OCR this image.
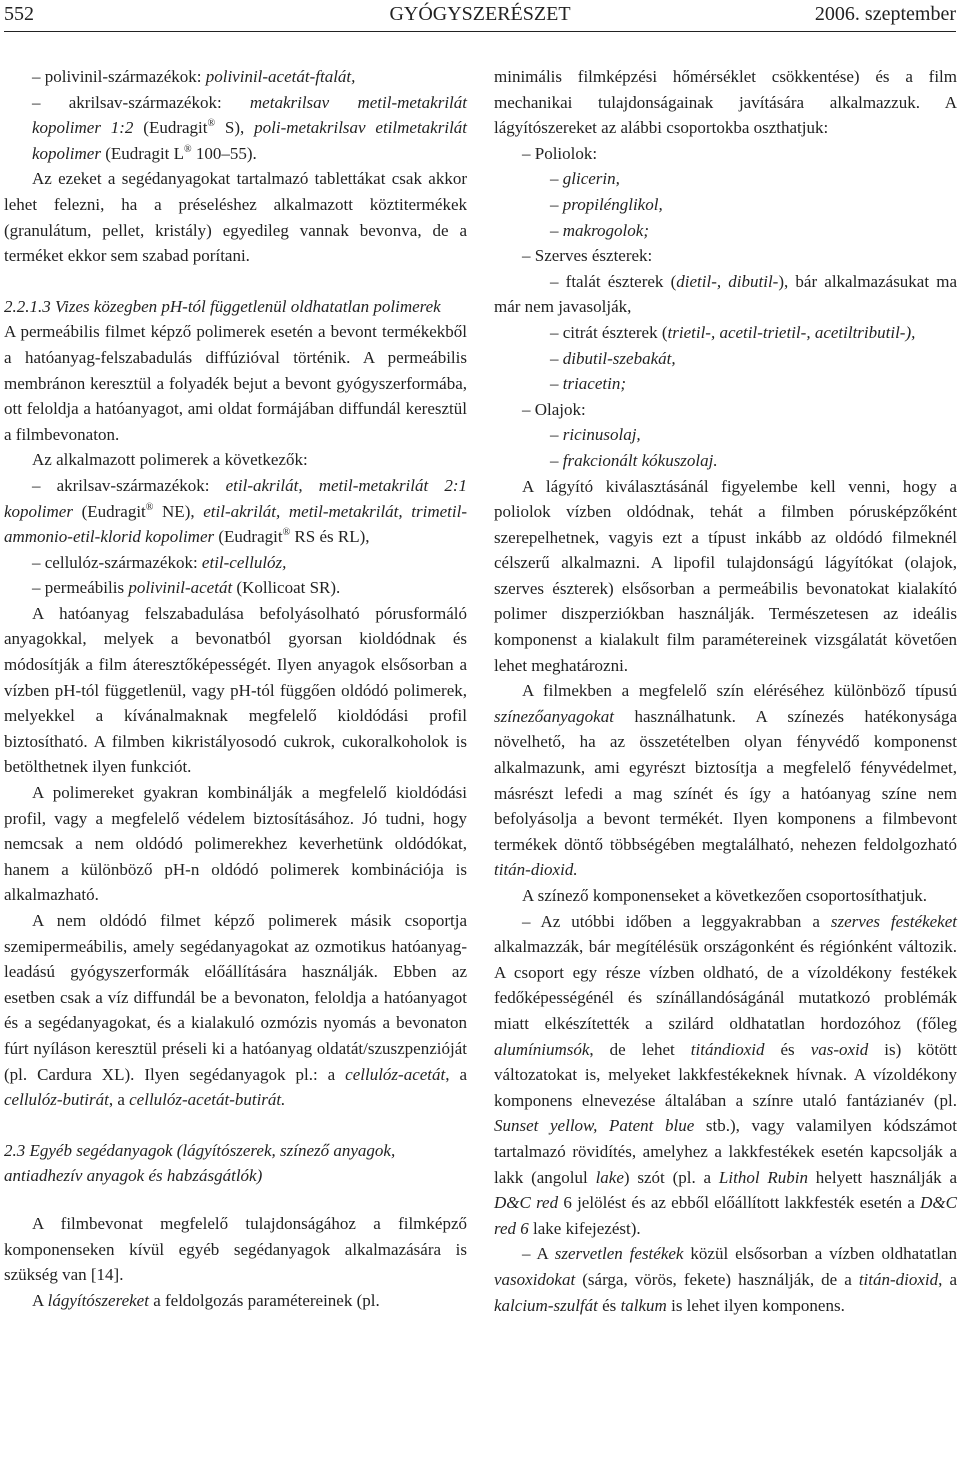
552	GYÓGYSZERÉSZET	2006. szeptember

– polivinil-származékok: polivinil-acetát-ftalát,

– akrilsav-származékok: metakrilsav metil-metakrilát kopolimer 1:2 (Eudragit® S), poli-metakrilsav etilmetakrilát kopolimer (Eudragit L® 100–55).

Az ezeket a segédanyagokat tartalmazó tablettákat csak akkor lehet felezni, ha a préseléshez alkalmazott köztitermékek (granulátum, pellet, kristály) egyedileg vannak bevonva, de a terméket ekkor sem szabad porítani.

2.2.1.3 Vizes közegben pH-tól függetlenül oldhatatlan polimerek

A permeábilis filmet képző polimerek esetén a bevont termékekből a hatóanyag-felszabadulás diffúzióval történik. A permeábilis membránon keresztül a folyadék bejut a bevont gyógyszerformába, ott feloldja a hatóanyagot, ami oldat formájában diffundál keresztül a filmbevonaton.

Az alkalmazott polimerek a következők:

– akrilsav-származékok: etil-akrilát, metil-metakrilát 2:1 kopolimer (Eudragit® NE), etil-akrilát, metil-metakrilát, trimetil-ammonio-etil-klorid kopolimer (Eudragit® RS és RL),

– cellulóz-származékok: etil-cellulóz,

– permeábilis polivinil-acetát (Kollicoat SR).

A hatóanyag felszabadulása befolyásolható pórusformáló anyagokkal, melyek a bevonatból gyorsan kioldódnak és módosítják a film áteresztőképességét. Ilyen anyagok elsősorban a vízben pH-tól függetlenül, vagy pH-tól függően oldódó polimerek, melyekkel a kívánalmaknak megfelelő kioldódási profil biztosítható. A filmben kikristályosodó cukrok, cukoralkoholok is betölthetnek ilyen funkciót.

A polimereket gyakran kombinálják a megfelelő kioldódási profil, vagy a megfelelő védelem biztosításához. Jó tudni, hogy nemcsak a nem oldódó polimerekhez keverhetünk oldódókat, hanem a különböző pH-n oldódó polimerek kombinációja is alkalmazható.

A nem oldódó filmet képző polimerek másik csoportja szemipermeábilis, amely segédanyagokat az ozmotikus hatóanyag-leadású gyógyszerformák előállítására használják. Ebben az esetben csak a víz diffundál be a bevonaton, feloldja a hatóanyagot és a segédanyagokat, és a kialakuló ozmózis nyomás a bevonaton fúrt nyíláson keresztül préseli ki a hatóanyag oldatát/szuszpenzióját (pl. Cardura XL). Ilyen segédanyagok pl.: a cellulóz-acetát, a cellulóz-butirát, a cellulóz-acetát-butirát.

2.3 Egyéb segédanyagok (lágyítószerek, színező anyagok, antiadhezív anyagok és habzásgátlók)

A filmbevonat megfelelő tulajdonságához a filmképző komponenseken kívül egyéb segédanyagok alkalmazására is szükség van [14].

A lágyítószereket a feldolgozás paramétereinek (pl.

minimális filmképzési hőmérséklet csökkentése) és a film mechanikai tulajdonságainak javítására alkalmazzuk. A lágyítószereket az alábbi csoportokba oszthatjuk:

– Poliolok:

– glicerin,

– propilénglikol,

– makrogolok;

– Szerves észterek:

– ftalát észterek (dietil-, dibutil-), bár alkalmazásukat ma már nem javasolják,

– citrát észterek (trietil-, acetil-trietil-, acetiltributil-),

– dibutil-szebakát,

– triacetin;

– Olajok:

– ricinusolaj,

– frakcionált kókuszolaj.

A lágyító kiválasztásánál figyelembe kell venni, hogy a poliolok vízben oldódnak, tehát a filmben pórusképzőként szerepelhetnek, vagyis ezt a típust inkább az oldódó filmeknél célszerű alkalmazni. A lipofil tulajdonságú lágyítókat (olajok, szerves észterek) elsősorban a permeábilis bevonatokat kialakító polimer diszperziókban használják. Természetesen az ideális komponenst a kialakult film paramétereinek vizsgálatát követően lehet meghatározni.

A filmekben a megfelelő szín eléréséhez különböző típusú színezőanyagokat használhatunk. A színezés hatékonysága növelhető, ha az összetételben olyan fényvédő komponenst alkalmazunk, ami egyrészt biztosítja a megfelelő fényvédelmet, másrészt lefedi a mag színét és így a hatóanyag színe nem befolyásolja a bevont termékét. Ilyen komponens a filmbevont termékek döntő többségében megtalálható, nehezen feldolgozható titán-dioxid.

A színező komponenseket a következően csoportosíthatjuk.

– Az utóbbi időben a leggyakrabban a szerves festékeket alkalmazzák, bár megítélésük országonként és régiónként változik. A csoport egy része vízben oldható, de a vízoldékony festékek fedőképességénél és színállandóságánál mutatkozó problémák miatt elkészítették a szilárd oldhatatlan hordozóhoz (főleg alumíniumsók, de lehet titándioxid és vas-oxid is) kötött változatokat is, melyeket lakkfestékeknek hívnak. A vízoldékony komponens elnevezése általában a színre utaló fantázianév (pl. Sunset yellow, Patent blue stb.), vagy valamilyen kódszámot tartalmazó rövidítés, amelyhez a lakkfestékek esetén kapcsolják a lakk (angolul lake) szót (pl. a Lithol Rubin helyett használják a D&C red 6 jelölést és az ebből előállított lakkfesték esetén a D&C red 6 lake kifejezést).

– A szervetlen festékek közül elsősorban a vízben oldhatatlan vasoxidokat (sárga, vörös, fekete) használják, de a titán-dioxid, a kalcium-szulfát és talkum is lehet ilyen komponens.
